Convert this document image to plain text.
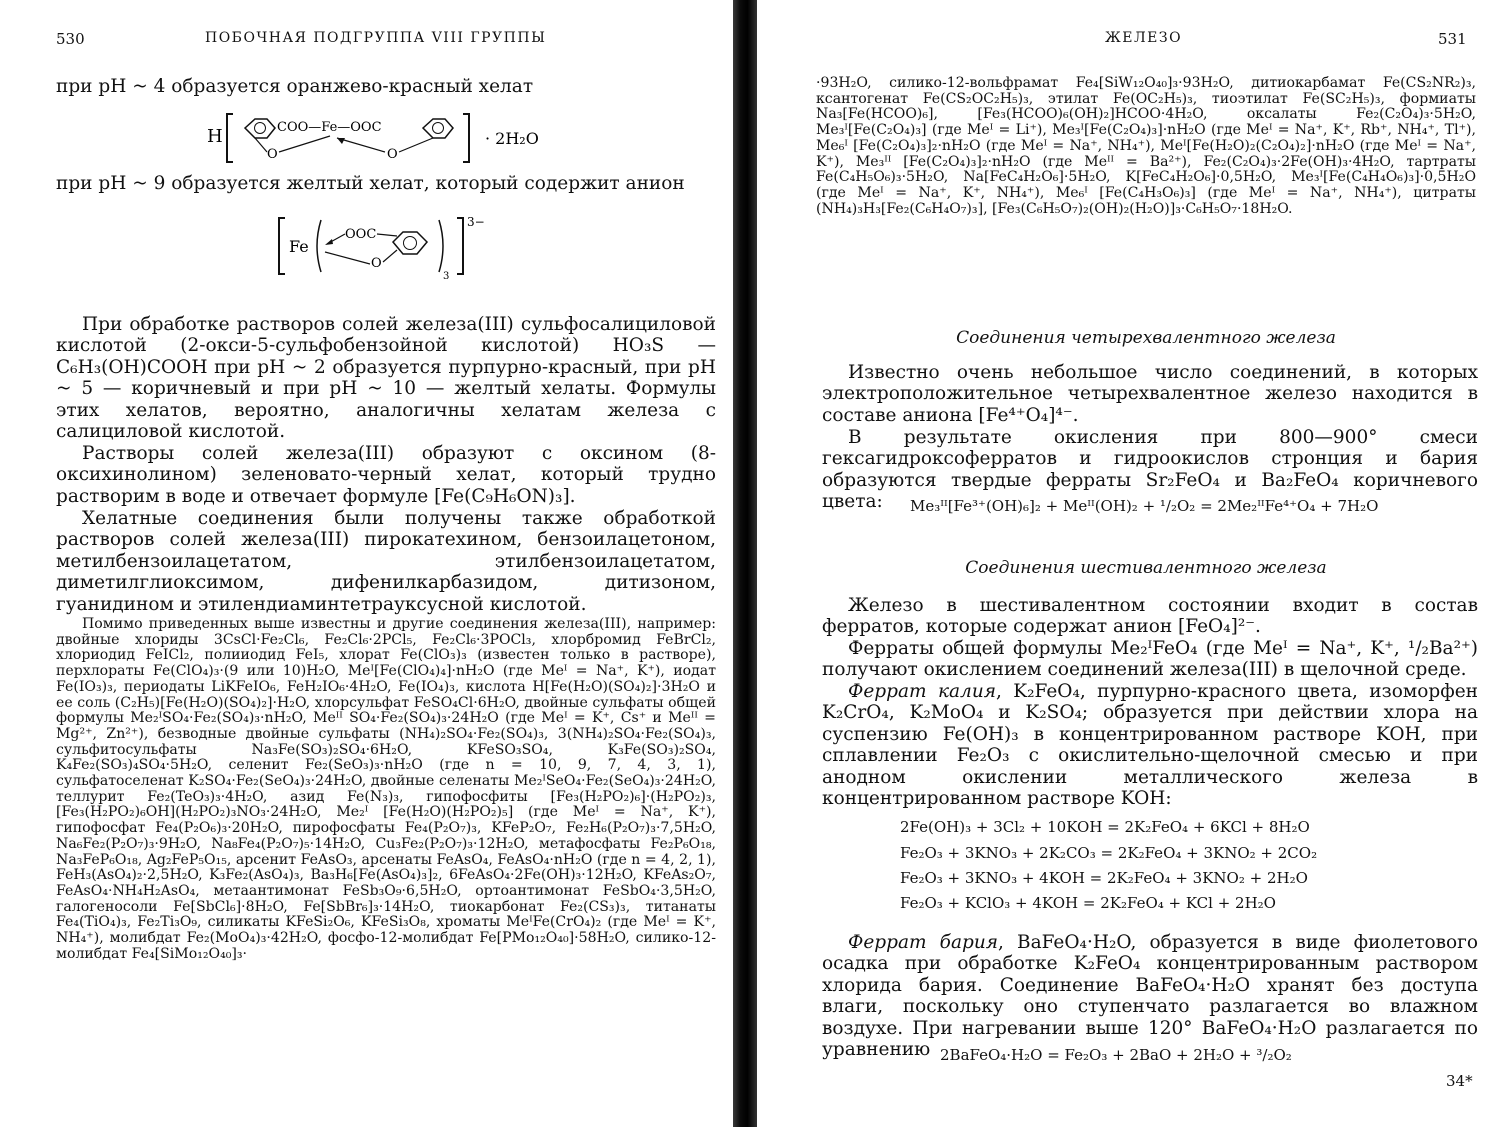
530	ПОБОЧНАЯ ПОДГРУППА VIII ГРУППЫ

при pH ~ 4 образуется оранжево-красный хелат

H	COO—Fe—OOC
O	O
· 2H₂O

при pH ~ 9 образуется желтый хелат, который содержит анион

Fe
OOC
O
3
3−

При обработке растворов солей железа(III) сульфосалициловой кислотой (2-окси-5-сульфобензойной кислотой) HO₃S — C₆H₃(OH)COOH при pH ~ 2 образуется пурпурно-красный, при pH ~ 5 — коричневый и при pH ~ 10 — желтый хелаты. Формулы этих хелатов, вероятно, аналогичны хелатам железа с салициловой кислотой.

Растворы солей железа(III) образуют с оксином (8-оксихинолином) зеленовато-черный хелат, который трудно растворим в воде и отвечает формуле [Fe(C₉H₆ON)₃].

Хелатные соединения были получены также обработкой растворов солей железа(III) пирокатехином, бензоилацетоном, метилбензоилацетатом, этилбензоилацетатом, диметилглиоксимом, дифенилкарбазидом, дитизоном, гуанидином и этилендиаминтетрауксусной кислотой.

Помимо приведенных выше известны и другие соединения железа(III), например: двойные хлориды 3CsCl·Fe₂Cl₆, Fe₂Cl₆·2PCl₅, Fe₂Cl₆·3POCl₃, хлорбромид FeBrCl₂, хлориодид FeICl₂, полииодид FeI₅, хлорат Fe(ClO₃)₃ (известен только в растворе), перхлораты Fe(ClO₄)₃·(9 или 10)H₂O, Meᴵ[Fe(ClO₄)₄]·nH₂O (где Meᴵ = Na⁺, K⁺), иодат Fe(IO₃)₃, периодаты LiKFeIO₆, FeH₂IO₆·4H₂O, Fe(IO₄)₃, кислота H[Fe(H₂O)(SO₄)₂]·3H₂O и ее соль (C₂H₅)[Fe(H₂O)(SO₄)₂]·H₂O, хлорсульфат FeSO₄Cl·6H₂O, двойные сульфаты общей формулы Me₂ᴵSO₄·Fe₂(SO₄)₃·nH₂O, Meᴵᴵ SO₄·Fe₂(SO₄)₃·24H₂O (где Meᴵ = K⁺, Cs⁺ и Meᴵᴵ = Mg²⁺, Zn²⁺), безводные двойные сульфаты (NH₄)₂SO₄·Fe₂(SO₄)₃, 3(NH₄)₂SO₄·Fe₂(SO₄)₃, сульфитосульфаты Na₃Fe(SO₃)₂SO₄·6H₂O, KFeSO₃SO₄, K₃Fe(SO₃)₂SO₄, K₄Fe₂(SO₃)₄SO₄·5H₂O, селенит Fe₂(SeO₃)₃·nH₂O (где n = 10, 9, 7, 4, 3, 1), сульфатоселенат K₂SO₄·Fe₂(SeO₄)₃·24H₂O, двойные селенаты Me₂ᴵSeO₄·Fe₂(SeO₄)₃·24H₂O, теллурит Fe₂(TeO₃)₃·4H₂O, азид Fe(N₃)₃, гипофосфиты [Fe₃(H₂PO₂)₆]·(H₂PO₂)₃, [Fe₃(H₂PO₂)₆OH](H₂PO₂)₃NO₃·24H₂O, Me₂ᴵ [Fe(H₂O)(H₂PO₂)₅] (где Meᴵ = Na⁺, K⁺), гипофосфат Fe₄(P₂O₆)₃·20H₂O, пирофосфаты Fe₄(P₂O₇)₃, KFeP₂O₇, Fe₂H₆(P₂O₇)₃·7,5H₂O, Na₆Fe₂(P₂O₇)₃·9H₂O, Na₈Fe₄(P₂O₇)₅·14H₂O, Cu₃Fe₂(P₂O₇)₃·12H₂O, метафосфаты Fe₂P₆O₁₈, Na₃FeP₆O₁₈, Ag₂FeP₅O₁₅, арсенит FeAsO₃, арсенаты FeAsO₄, FeAsO₄·nH₂O (где n = 4, 2, 1), FeH₃(AsO₄)₂·2,5H₂O, K₃Fe₂(AsO₄)₃, Ba₃H₆[Fe(AsO₄)₃]₂, 6FeAsO₄·2Fe(OH)₃·12H₂O, KFeAs₂O₇, FeAsO₄·NH₄H₂AsO₄, метаантимонат FeSb₃O₉·6,5H₂O, ортоантимонат FeSbO₄·3,5H₂O, галогеносоли Fe[SbCl₆]·8H₂O, Fe[SbBr₆]₃·14H₂O, тиокарбонат Fe₂(CS₃)₃, титанаты Fe₄(TiO₄)₃, Fe₂Ti₃O₉, силикаты KFeSi₂O₆, KFeSi₃O₈, хроматы MeᴵFe(CrO₄)₂ (где Meᴵ = K⁺, NH₄⁺), молибдат Fe₂(MoO₄)₃·42H₂O, фосфо-12-молибдат Fe[PMo₁₂O₄₀]·58H₂O, силико-12-молибдат Fe₄[SiMo₁₂O₄₀]₃·

ЖЕЛЕЗО	531

·93H₂O, силико-12-вольфрамат Fe₄[SiW₁₂O₄₀]₃·93H₂O, дитиокарбамат Fe(CS₂NR₂)₃, ксантогенат Fe(CS₂OC₂H₅)₃, этилат Fe(OC₂H₅)₃, тиоэтилат Fe(SC₂H₅)₃, формиаты Na₃[Fe(HCOO)₆], [Fe₃(HCOO)₆(OH)₂]HCOO·4H₂O, оксалаты Fe₂(C₂O₄)₃·5H₂O, Me₃ᴵ[Fe(C₂O₄)₃] (где Meᴵ = Li⁺), Me₃ᴵ[Fe(C₂O₄)₃]·nH₂O (где Meᴵ = Na⁺, K⁺, Rb⁺, NH₄⁺, Tl⁺), Me₆ᴵ [Fe(C₂O₄)₃]₂·nH₂O (где Meᴵ = Na⁺, NH₄⁺), Meᴵ[Fe(H₂O)₂(C₂O₄)₂]·nH₂O (где Meᴵ = Na⁺, K⁺), Me₃ᴵᴵ [Fe(C₂O₄)₃]₂·nH₂O (где Meᴵᴵ = Ba²⁺), Fe₂(C₂O₄)₃·2Fe(OH)₃·4H₂O, тартраты Fe(C₄H₅O₆)₃·5H₂O, Na[FeC₄H₂O₆]·5H₂O, K[FeC₄H₂O₆]·0,5H₂O, Me₃ᴵ[Fe(C₄H₄O₆)₃]·0,5H₂O (где Meᴵ = Na⁺, K⁺, NH₄⁺), Me₆ᴵ [Fe(C₄H₃O₆)₃] (где Meᴵ = Na⁺, NH₄⁺), цитраты (NH₄)₃H₃[Fe₂(C₆H₄O₇)₃], [Fe₃(C₆H₅O₇)₂(OH)₂(H₂O)]₃·C₆H₅O₇·18H₂O.

Соединения четырехвалентного железа

Известно очень небольшое число соединений, в которых электроположительное четырехвалентное железо находится в составе аниона [Fe⁴⁺O₄]⁴⁻.

В результате окисления при 800—900° смеси гексагидроксоферратов и гидроокислов стронция и бария образуются твердые ферраты Sr₂FeO₄ и Ba₂FeO₄ коричневого цвета:	Me₃ᴵᴵ[Fe³⁺(OH)₆]₂ + Meᴵᴵ(OH)₂ + ¹/₂O₂ = 2Me₂ᴵᴵFe⁴⁺O₄ + 7H₂O
Соединения шестивалентного железа

Железо в шестивалентном состоянии входит в состав ферратов, которые содержат анион [FeO₄]²⁻.

Ферраты общей формулы Me₂ᴵFeO₄ (где Meᴵ = Na⁺, K⁺, ¹/₂Ba²⁺) получают окислением соединений железа(III) в щелочной среде.

Феррат калия, K₂FeO₄, пурпурно-красного цвета, изоморфен K₂CrO₄, K₂MoO₄ и K₂SO₄; образуется при действии хлора на суспензию Fe(OH)₃ в концентрированном растворе KOH, при сплавлении Fe₂O₃ с окислительно-щелочной смесью и при анодном окислении металлического железа в концентрированном растворе KOH:

2Fe(OH)₃ + 3Cl₂ + 10KOH = 2K₂FeO₄ + 6KCl + 8H₂O
Fe₂O₃ + 3KNO₃ + 2K₂CO₃ = 2K₂FeO₄ + 3KNO₂ + 2CO₂
Fe₂O₃ + 3KNO₃ + 4KOH = 2K₂FeO₄ + 3KNO₂ + 2H₂O
Fe₂O₃ + KClO₃ + 4KOH = 2K₂FeO₄ + KCl + 2H₂O

Феррат бария, BaFeO₄·H₂O, образуется в виде фиолетового осадка при обработке K₂FeO₄ концентрированным раствором хлорида бария. Соединение BaFeO₄·H₂O хранят без доступа влаги, поскольку оно ступенчато разлагается во влажном воздухе. При нагревании выше 120° BaFeO₄·H₂O разлагается по уравнению 2BaFeO₄·H₂O = Fe₂O₃ + 2BaO + 2H₂O + ³/₂O₂
34*
